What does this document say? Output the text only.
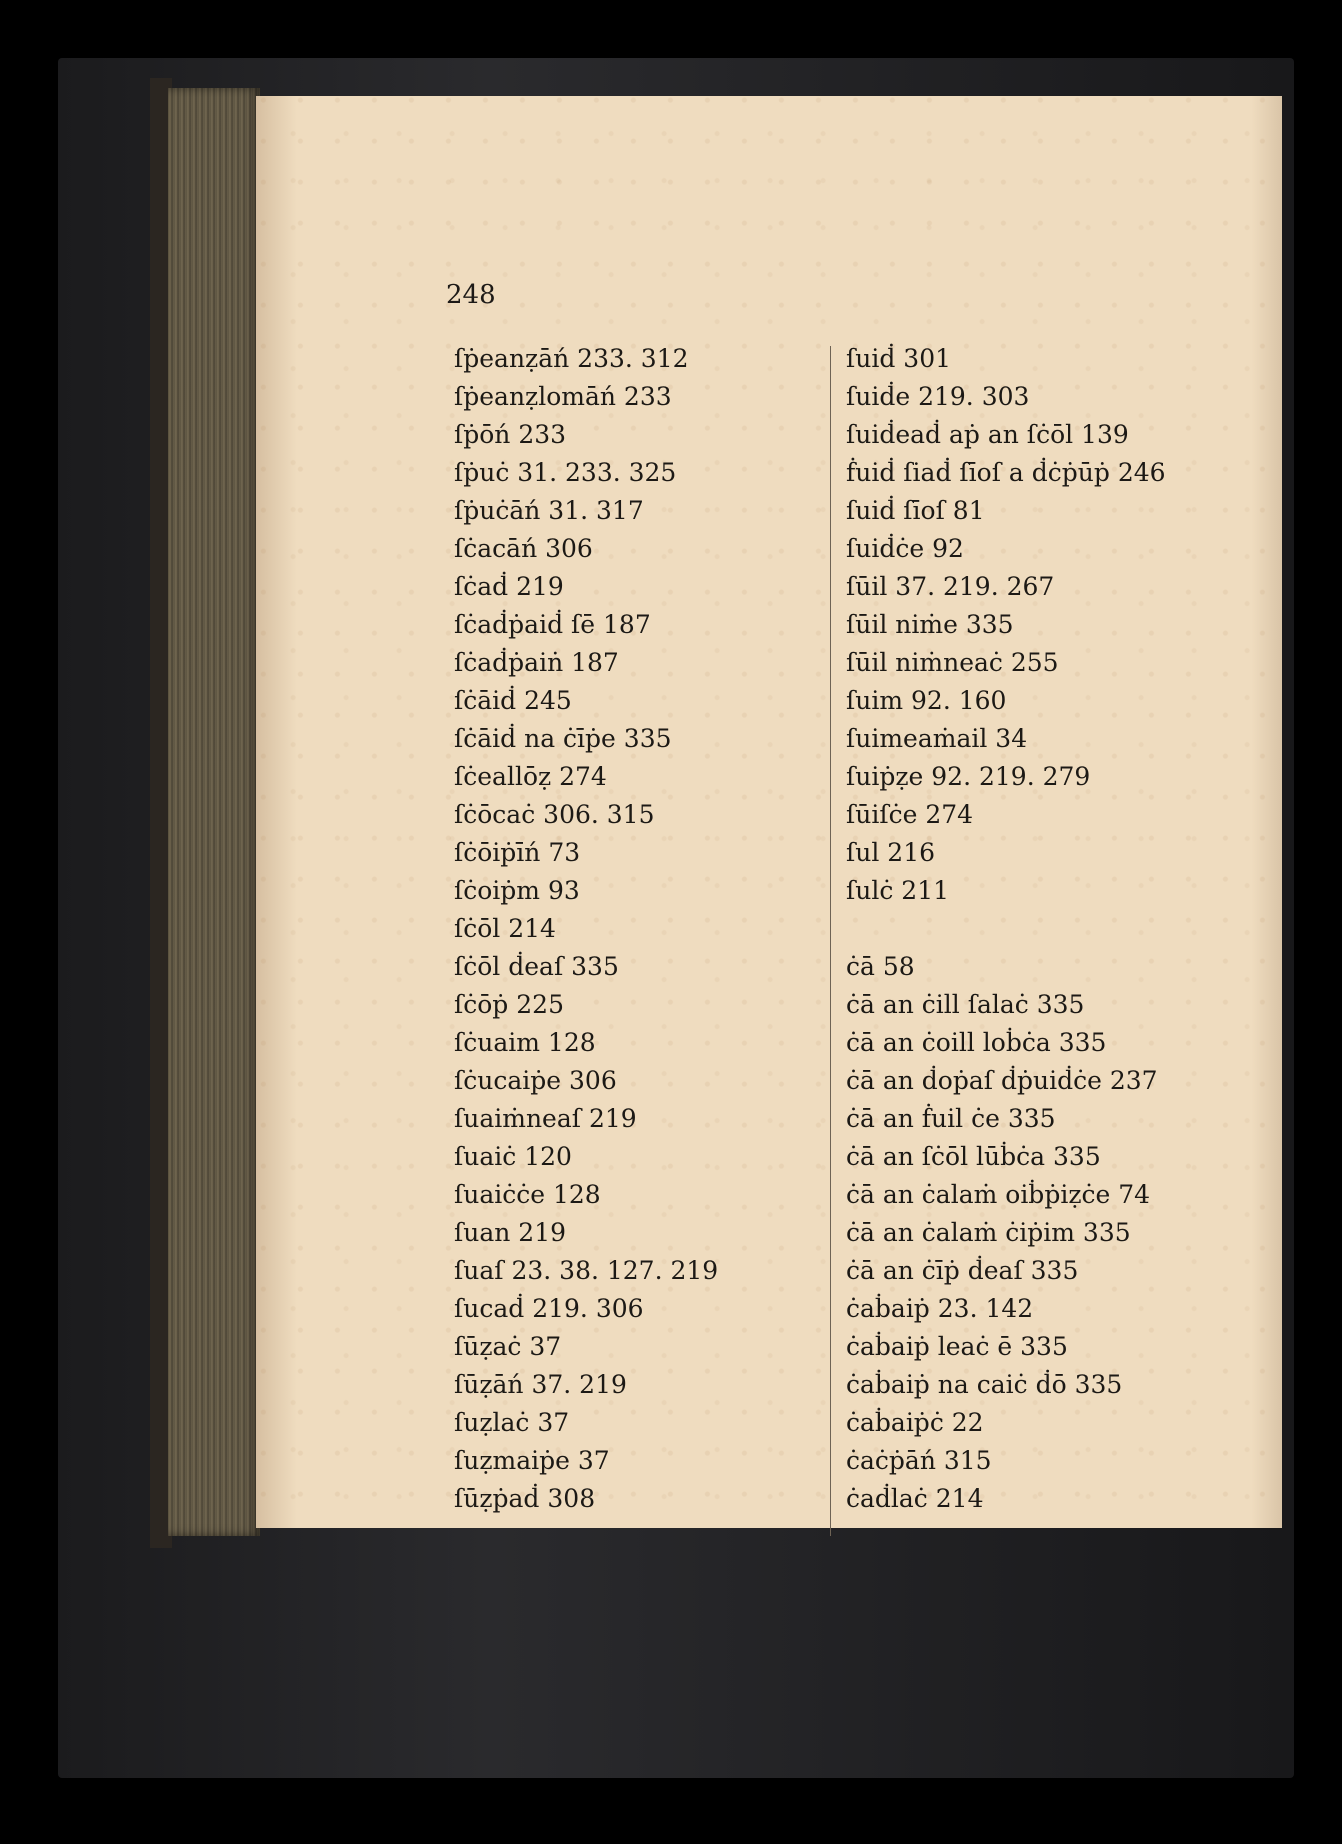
248
ſṗeanẓāń 233. 312
ſṗeanẓlomāń 233
ſṗōń 233
ſṗuċ 31. 233. 325
ſṗuċāń 31. 317
ſċacāń 306
ſċaḋ 219
ſċaḋṗaiḋ ſē 187
ſċaḋṗaiṅ 187
ſċāiḋ 245
ſċāiḋ na ċīṗe 335
ſċeallōẓ 274
ſċōcaċ 306. 315
ſċōiṗīń 73
ſċoiṗm 93
ſċōl 214
ſċōl ḋeaſ 335
ſċōṗ 225
ſċuaim 128
ſċucaiṗe 306
ſuaiṁneaſ 219
ſuaiċ 120
ſuaiċċe 128
ſuan 219
ſuaſ 23. 38. 127. 219
ſucaḋ 219. 306
ſūẓaċ 37
ſūẓāń 37. 219
ſuẓlaċ 37
ſuẓmaiṗe 37
ſūẓṗaḋ 308
ſuiḋ 301
ſuiḋe 219. 303
ſuiḋeaḋ aṗ an ſċōl 139
ḟuiḋ ſiaḋ ſīoſ a ḋċṗūṗ 246
ſuiḋ ſīoſ 81
ſuiḋċe 92
ſūil 37. 219. 267
ſūil niṁe 335
ſūil niṁneaċ 255
ſuim 92. 160
ſuimeaṁail 34
ſuiṗẓe 92. 219. 279
ſūiſċe 274
ſul 216
ſulċ 211
ċā 58
ċā an ċill ſalaċ 335
ċā an ċoill loḃċa 335
ċā an ḋoṗaſ ḋṗuiḋċe 237
ċā an ḟuil ċe 335
ċā an ſċōl lūḃċa 335
ċā an ċalaṁ oiḃṗiẓċe 74
ċā an ċalaṁ ċiṗim 335
ċā an ċīṗ ḋeaſ 335
ċaḃaiṗ 23. 142
ċaḃaiṗ leaċ ē 335
ċaḃaiṗ na caiċ ḋō 335
ċaḃaiṗċ 22
ċaċṗāń 315
ċaḋlaċ 214
